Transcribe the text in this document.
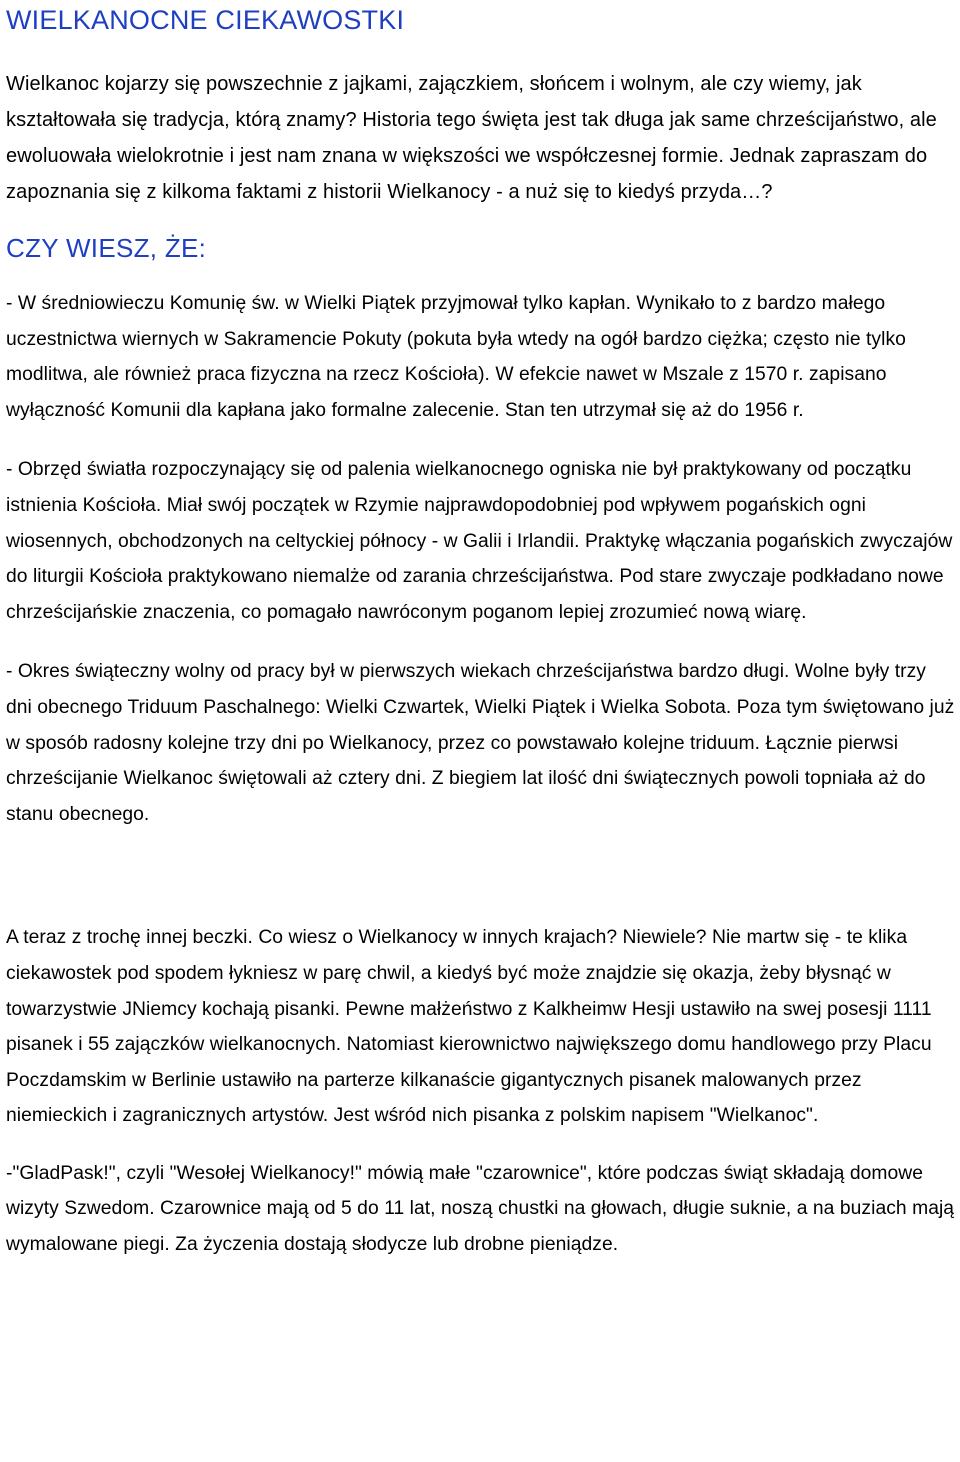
WIELKANOCNE CIEKAWOSTKI

Wielkanoc kojarzy się powszechnie z jajkami, zajączkiem, słońcem i wolnym, ale czy wiemy, jak kształtowała się tradycja, którą znamy? Historia tego święta jest tak długa jak same chrześcijaństwo, ale ewoluowała wielokrotnie i jest nam znana w większości we współczesnej formie. Jednak zapraszam do zapoznania się z kilkoma faktami z historii Wielkanocy - a nuż się to kiedyś przyda…?

CZY WIESZ, ŻE:

- W średniowieczu Komunię św. w Wielki Piątek przyjmował tylko kapłan. Wynikało to z bardzo małego uczestnictwa wiernych w Sakramencie Pokuty (pokuta była wtedy na ogół bardzo ciężka; często nie tylko modlitwa, ale również praca fizyczna na rzecz Kościoła). W efekcie nawet w Mszale z 1570 r. zapisano wyłączność Komunii dla kapłana jako formalne zalecenie. Stan ten utrzymał się aż do 1956 r.

- Obrzęd światła rozpoczynający się od palenia wielkanocnego ogniska nie był praktykowany od początku istnienia Kościoła. Miał swój początek w Rzymie najprawdopodobniej pod wpływem pogańskich ogni wiosennych, obchodzonych na celtyckiej północy - w Galii i Irlandii. Praktykę włączania pogańskich zwyczajów do liturgii Kościoła praktykowano niemalże od zarania chrześcijaństwa. Pod stare zwyczaje podkładano nowe chrześcijańskie znaczenia, co pomagało nawróconym poganom lepiej zrozumieć nową wiarę.

- Okres świąteczny wolny od pracy był w pierwszych wiekach chrześcijaństwa bardzo długi. Wolne były trzy dni obecnego Triduum Paschalnego: Wielki Czwartek, Wielki Piątek i Wielka Sobota. Poza tym świętowano już w sposób radosny kolejne trzy dni po Wielkanocy, przez co powstawało kolejne triduum. Łącznie pierwsi chrześcijanie Wielkanoc świętowali aż cztery dni. Z biegiem lat ilość dni świątecznych powoli topniała aż do stanu obecnego.

A teraz z trochę innej beczki. Co wiesz o Wielkanocy w innych krajach? Niewiele? Nie martw się - te klika ciekawostek pod spodem łykniesz w parę chwil, a kiedyś być może znajdzie się okazja, żeby błysnąć w towarzystwie JNiemcy kochają pisanki. Pewne małżeństwo z Kalkheimw Hesji ustawiło na swej posesji 1111 pisanek i 55 zajączków wielkanocnych. Natomiast kierownictwo największego domu handlowego przy Placu Poczdamskim w Berlinie ustawiło na parterze kilkanaście gigantycznych pisanek malowanych przez niemieckich i zagranicznych artystów. Jest wśród nich pisanka z polskim napisem "Wielkanoc".

-"GladPask!", czyli "Wesołej Wielkanocy!" mówią małe "czarownice", które podczas świąt składają domowe wizyty Szwedom. Czarownice mają od 5 do 11 lat, noszą chustki na głowach, długie suknie, a na buziach mają wymalowane piegi. Za życzenia dostają słodycze lub drobne pieniądze.
